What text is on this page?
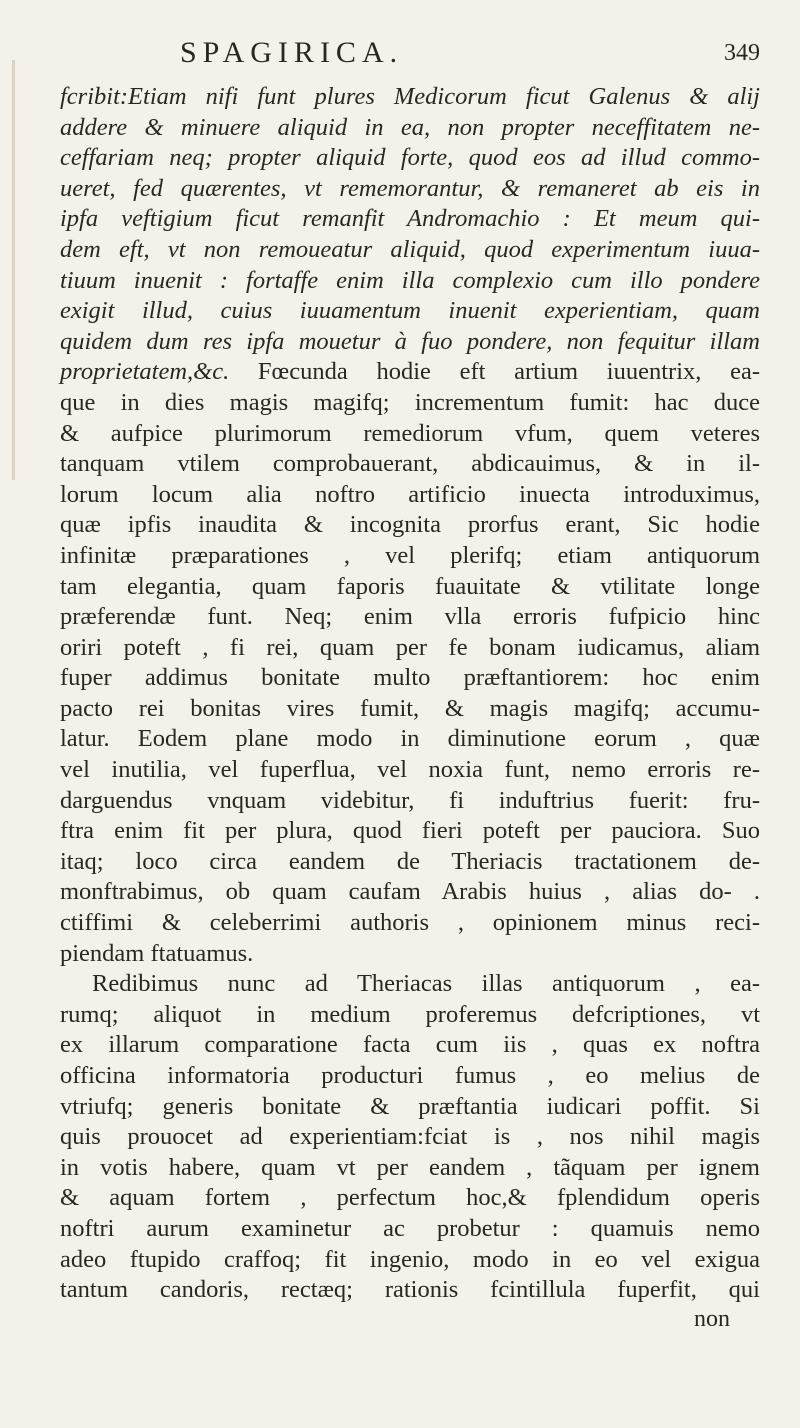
SPAGIRICA.	349
fcribit:Etiam nifi funt plures Medicorum ficut Galenus & alij
addere & minuere aliquid in ea, non propter neceffitatem ne-
ceffariam neq; propter aliquid forte, quod eos ad illud commo-
ueret, fed quærentes, vt rememorantur, & remaneret ab eis in
ipfa veftigium ficut remanfit Andromachio : Et meum qui-
dem eft, vt non remoueatur aliquid, quod experimentum iuua-
tiuum inuenit : fortaffe enim illa complexio cum illo pondere
exigit illud, cuius iuuamentum inuenit experientiam, quam
quidem dum res ipfa mouetur à fuo pondere, non fequitur illam
proprietatem,&c. Fœcunda hodie eft artium iuuentrix, ea-
que in dies magis magifq; incrementum fumit: hac duce
& aufpice plurimorum remediorum vfum, quem veteres
tanquam vtilem comprobauerant, abdicauimus, & in il-
lorum locum alia noftro artificio inuecta introduximus,
quæ ipfis inaudita & incognita prorfus erant, Sic hodie
infinitæ præparationes , vel plerifq; etiam antiquorum
tam elegantia, quam faporis fuauitate & vtilitate longe
præferendæ funt. Neq; enim vlla erroris fufpicio hinc
oriri poteft , fi rei, quam per fe bonam iudicamus, aliam
fuper addimus bonitate multo præftantiorem: hoc enim
pacto rei bonitas vires fumit, & magis magifq; accumu-
latur. Eodem plane modo in diminutione eorum , quæ
vel inutilia, vel fuperflua, vel noxia funt, nemo erroris re-
darguendus vnquam videbitur, fi induftrius fuerit: fru-
ftra enim fit per plura, quod fieri poteft per pauciora. Suo
itaq; loco circa eandem de Theriacis tractationem de-
monftrabimus, ob quam caufam Arabis huius , alias do- .
ctiffimi & celeberrimi authoris , opinionem minus reci-
piendam ftatuamus.
Redibimus nunc ad Theriacas illas antiquorum , ea-
rumq; aliquot in medium proferemus defcriptiones, vt
ex illarum comparatione facta cum iis , quas ex noftra
officina informatoria producturi fumus , eo melius de
vtriufq; generis bonitate & præftantia iudicari poffit. Si
quis prouocet ad experientiam:fciat is , nos nihil magis
in votis habere, quam vt per eandem , tãquam per ignem
& aquam fortem , perfectum hoc,& fplendidum operis
noftri aurum examinetur ac probetur : quamuis nemo
adeo ftupido craffoq; fit ingenio, modo in eo vel exigua
tantum candoris, rectæq; rationis fcintillula fuperfit, qui
non
